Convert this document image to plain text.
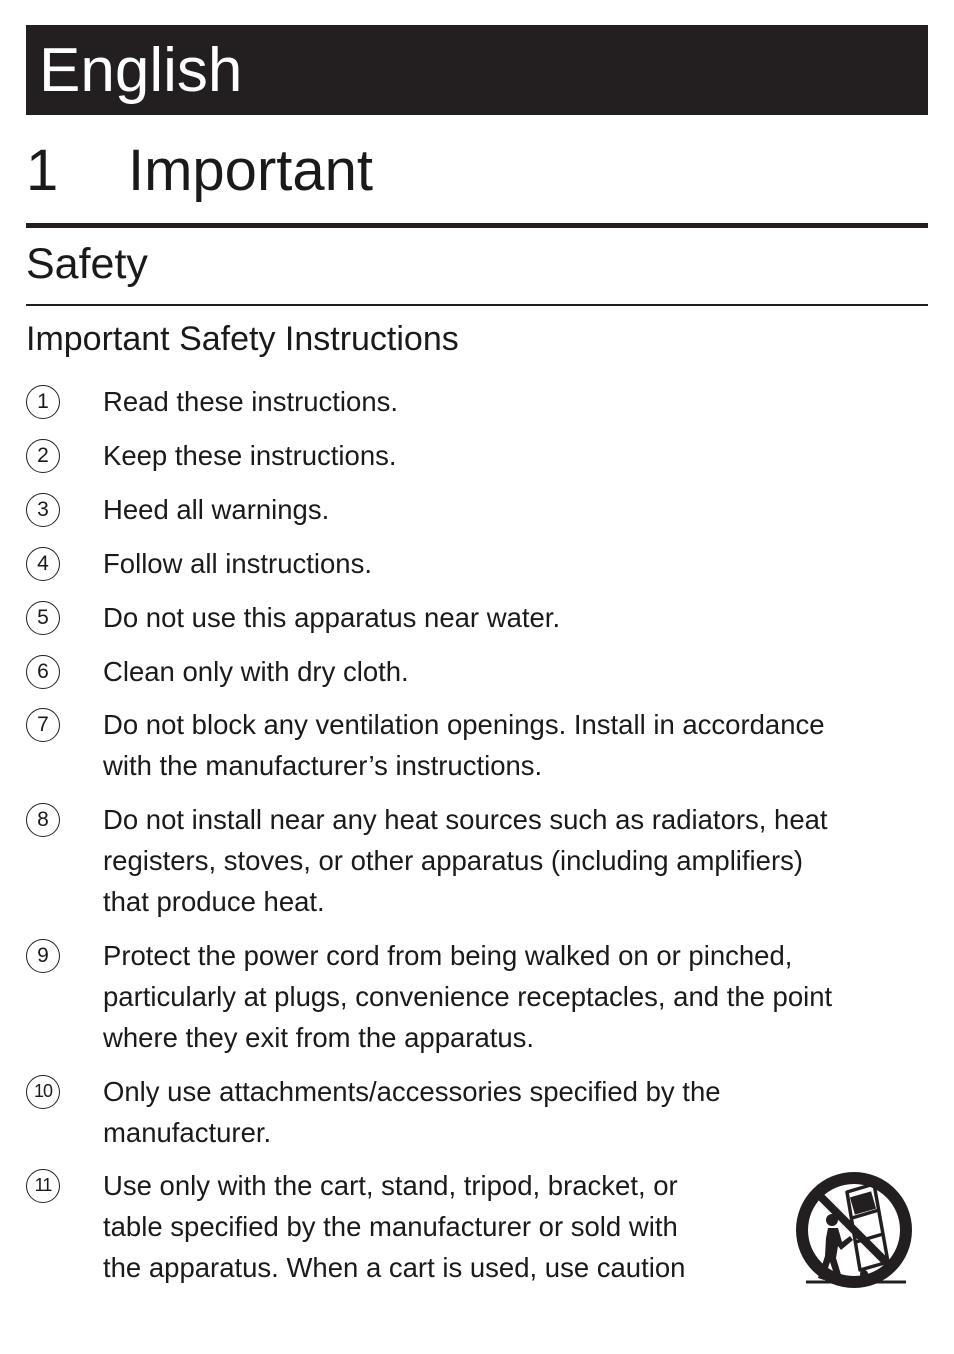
English
1 Important
Safety
Important Safety Instructions
1	Read these instructions.

2	Keep these instructions.

3	Heed all warnings.

4	Follow all instructions.

5	Do not use this apparatus near water.

6	Clean only with dry cloth.

7	Do not block any ventilation openings. Install in accordance
with the manufacturer’s instructions.

8	Do not install near any heat sources such as radiators, heat
registers, stoves, or other apparatus (including amplifiers)
that produce heat.

9	Protect the power cord from being walked on or pinched,
particularly at plugs, convenience receptacles, and the point
where they exit from the apparatus.

10 Only use attachments/accessories specified by the
manufacturer.

11	Use only with the cart, stand, tripod, bracket, or
table specified by the manufacturer or sold with
the apparatus. When a cart is used, use caution
